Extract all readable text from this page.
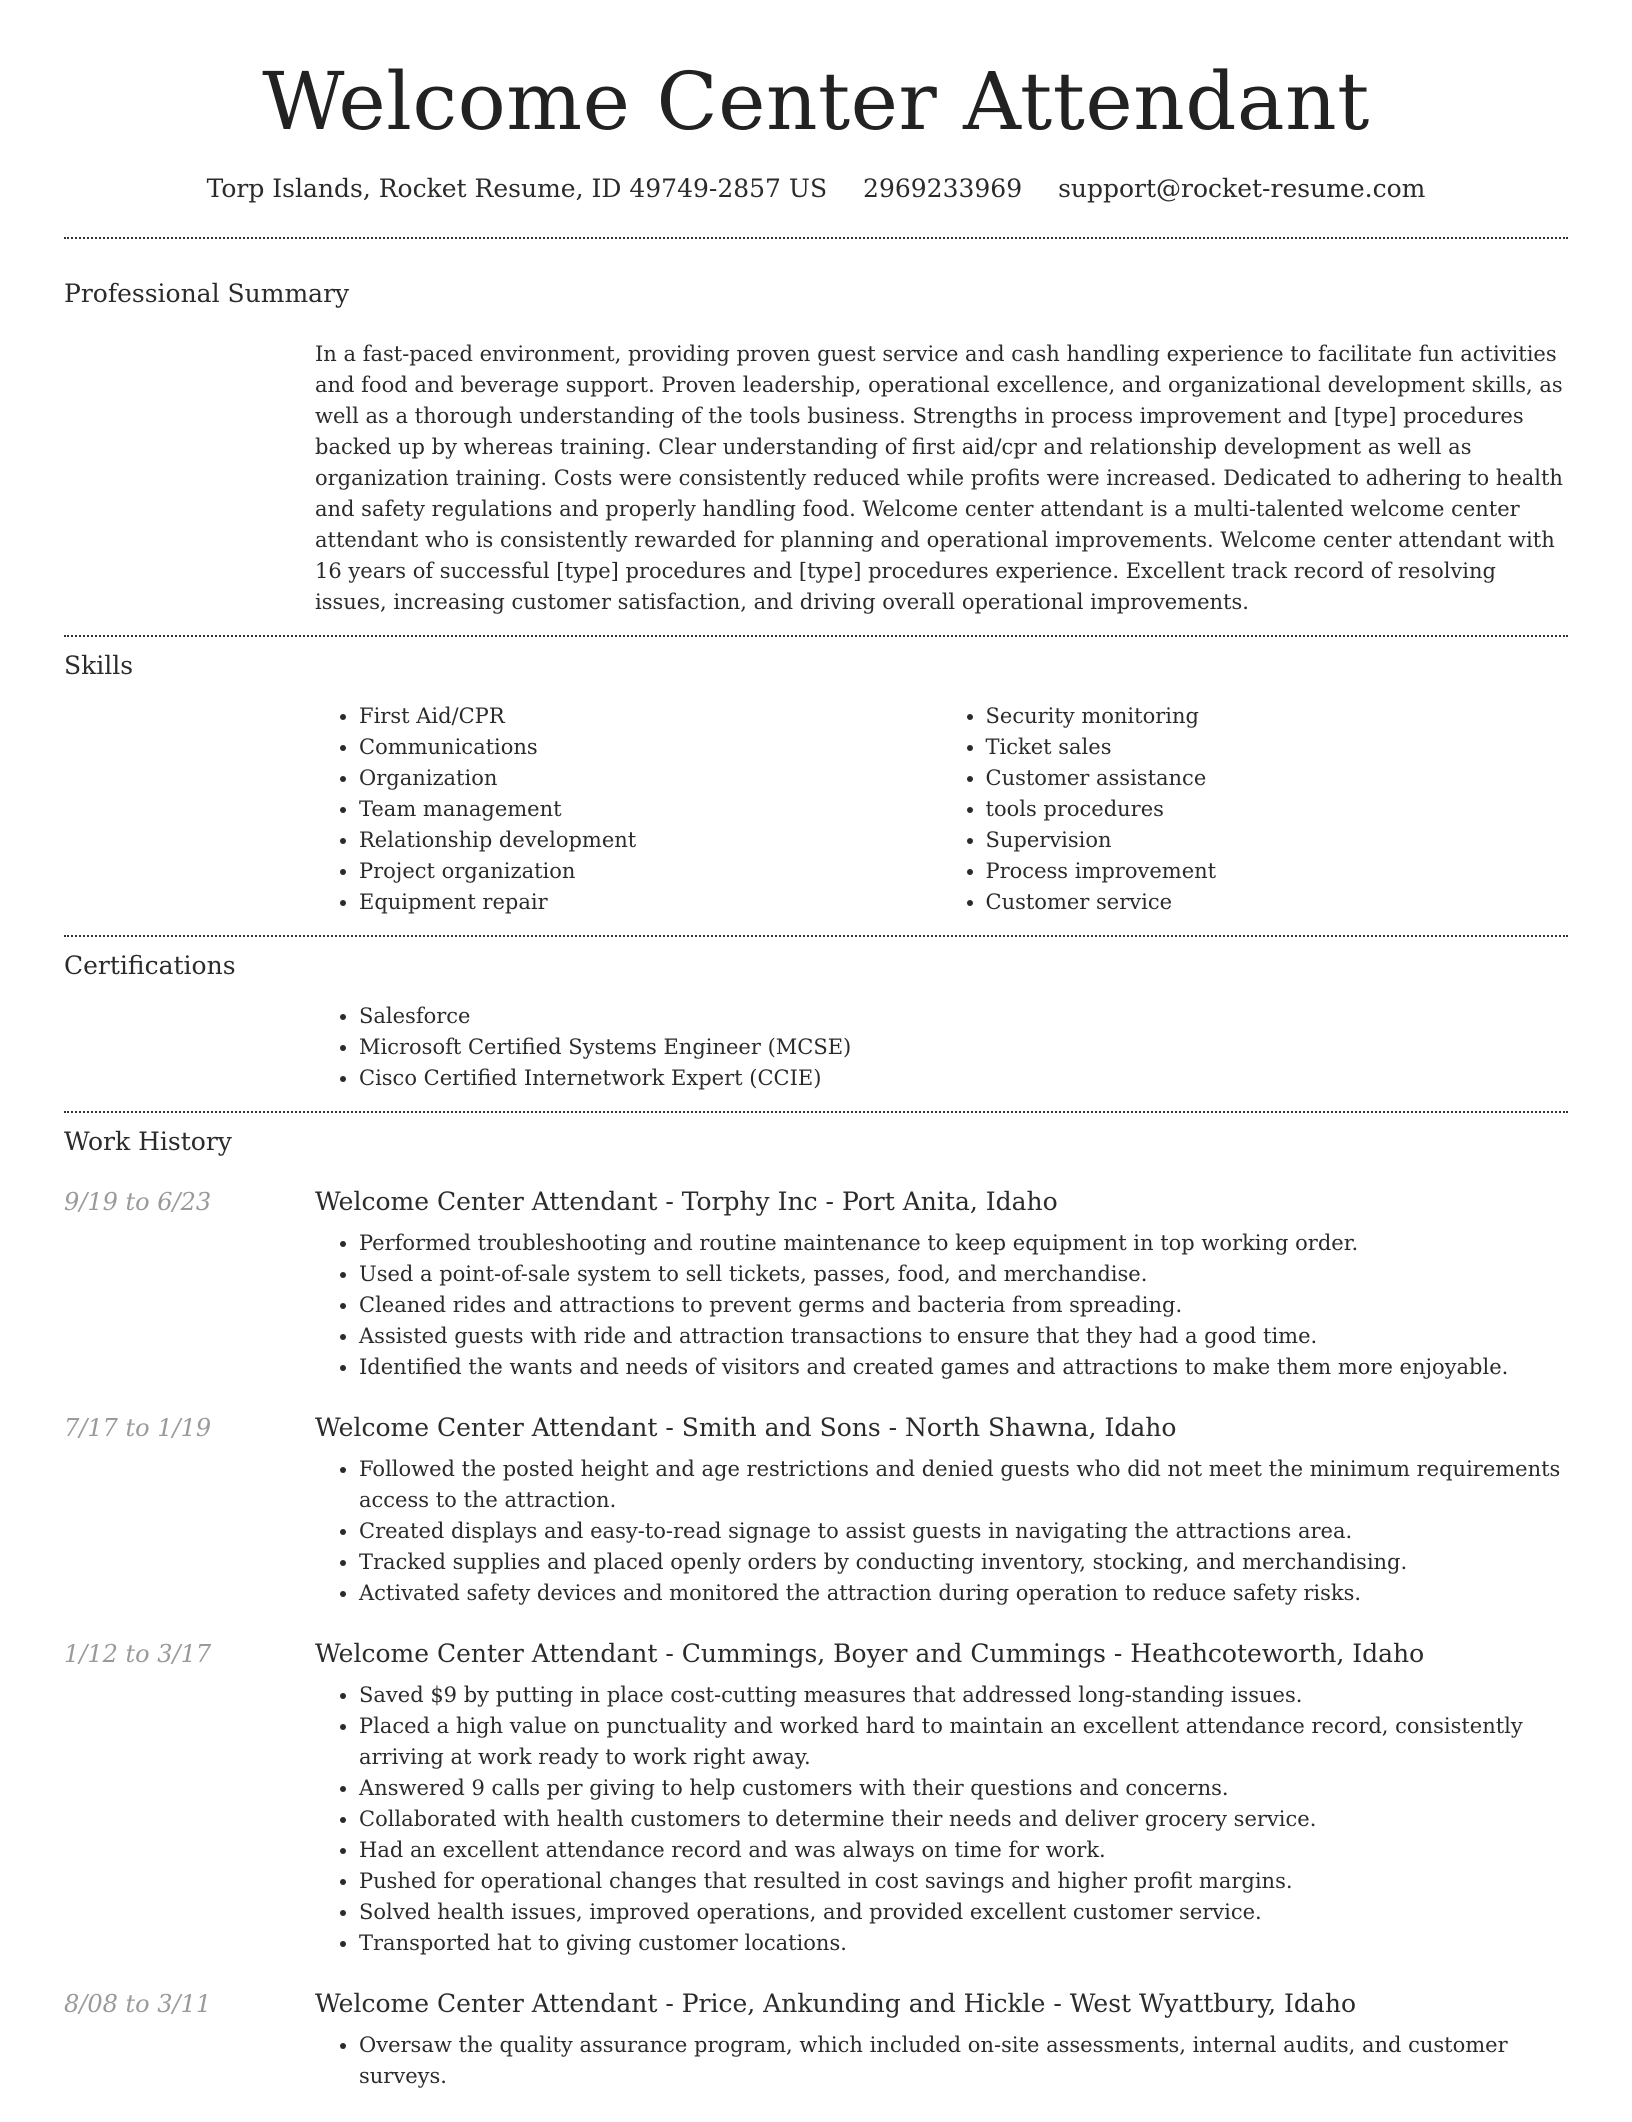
Welcome Center Attendant
Torp Islands, Rocket Resume, ID 49749-2857 US 2969233969 support@rocket-resume.com
Professional Summary

In a fast-paced environment, providing proven guest service and cash handling experience to facilitate fun activities and food and beverage support. Proven leadership, operational excellence, and organizational development skills, as well as a thorough understanding of the tools business. Strengths in process improvement and [type] procedures backed up by whereas training. Clear understanding of first aid/cpr and relationship development as well as organization training. Costs were consistently reduced while profits were increased. Dedicated to adhering to health and safety regulations and properly handling food. Welcome center attendant is a multi-talented welcome center attendant who is consistently rewarded for planning and operational improvements. Welcome center attendant with 16 years of successful [type] procedures and [type] procedures experience. Excellent track record of resolving issues, increasing customer satisfaction, and driving overall operational improvements.

Skills
• First Aid/CPR
• Communications
• Organization
• Team management
• Relationship development
• Project organization
• Equipment repair
• Security monitoring
• Ticket sales
• Customer assistance
• tools procedures
• Supervision
• Process improvement
• Customer service
Certifications
• Salesforce
• Microsoft Certified Systems Engineer (MCSE)
• Cisco Certified Internetwork Expert (CCIE)
Work History
9/19 to 6/23	Welcome Center Attendant - Torphy Inc - Port Anita, Idaho
• Performed troubleshooting and routine maintenance to keep equipment in top working order.
• Used a point-of-sale system to sell tickets, passes, food, and merchandise.
• Cleaned rides and attractions to prevent germs and bacteria from spreading.
• Assisted guests with ride and attraction transactions to ensure that they had a good time.
• Identified the wants and needs of visitors and created games and attractions to make them more enjoyable.
7/17 to 1/19	Welcome Center Attendant - Smith and Sons - North Shawna, Idaho
• Followed the posted height and age restrictions and denied guests who did not meet the minimum requirements access to the attraction.
• Created displays and easy-to-read signage to assist guests in navigating the attractions area.
• Tracked supplies and placed openly orders by conducting inventory, stocking, and merchandising.
• Activated safety devices and monitored the attraction during operation to reduce safety risks.
1/12 to 3/17	Welcome Center Attendant - Cummings, Boyer and Cummings - Heathcoteworth, Idaho
• Saved $9 by putting in place cost-cutting measures that addressed long-standing issues.
• Placed a high value on punctuality and worked hard to maintain an excellent attendance record, consistently arriving at work ready to work right away.
• Answered 9 calls per giving to help customers with their questions and concerns.
• Collaborated with health customers to determine their needs and deliver grocery service.
• Had an excellent attendance record and was always on time for work.
• Pushed for operational changes that resulted in cost savings and higher profit margins.
• Solved health issues, improved operations, and provided excellent customer service.
• Transported hat to giving customer locations.
8/08 to 3/11	Welcome Center Attendant - Price, Ankunding and Hickle - West Wyattbury, Idaho
• Oversaw the quality assurance program, which included on-site assessments, internal audits, and customer surveys.
